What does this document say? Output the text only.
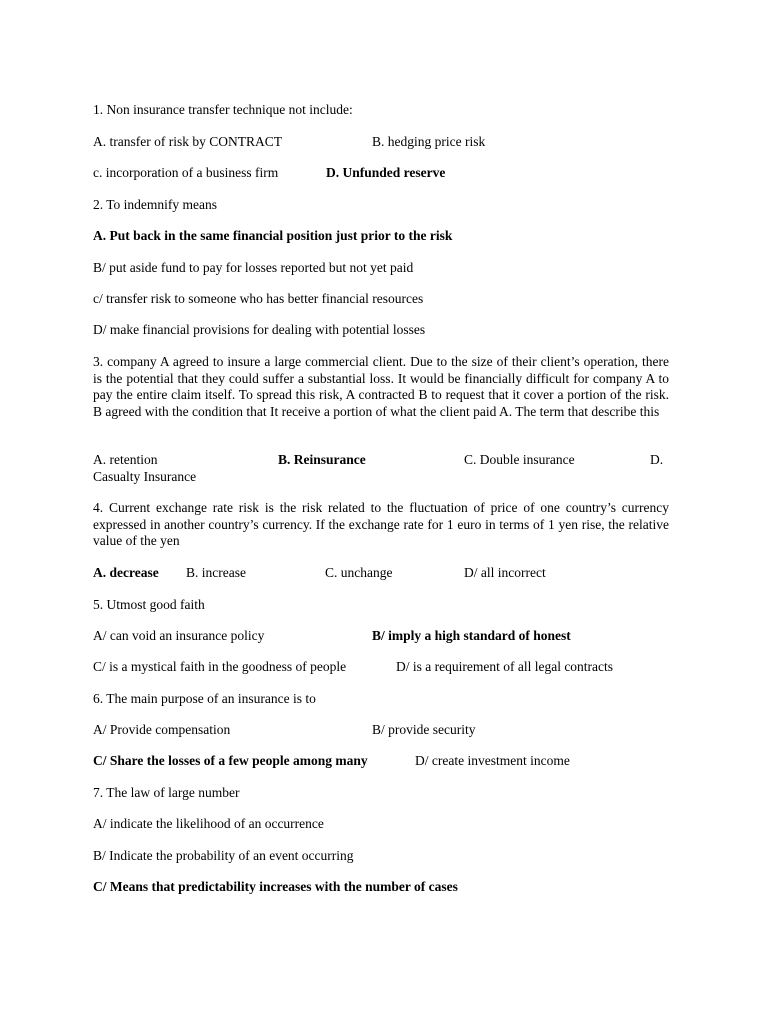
1. Non insurance transfer technique not include:
A. transfer of risk by CONTRACT	B. hedging price risk
c. incorporation of a business firm	D. Unfunded reserve
2. To indemnify means
A. Put back in the same financial position just prior to the risk
B/ put aside fund to pay for losses reported but not yet paid
c/ transfer risk to someone who has better financial resources
D/ make financial provisions for dealing with potential losses
3. company A agreed to insure a large commercial client. Due to the size of their client’s operation, there is the potential that they could suffer a substantial loss. It would be financially difficult for company A to pay the entire claim itself. To spread this risk, A contracted B to request that it cover a portion of the risk. B agreed with the condition that It receive a portion of what the client paid A. The term that describe this
A. retention	B. Reinsurance	C. Double insurance	D.
Casualty Insurance
4. Current exchange rate risk is the risk related to the fluctuation of price of one country’s currency expressed in another country’s currency. If the exchange rate for 1 euro in terms of 1 yen rise, the relative value of the yen
A. decrease B. increase	C. unchange	D/ all incorrect
5. Utmost good faith
A/ can void an insurance policy	B/ imply a high standard of honest
C/ is a mystical faith in the goodness of people	D/ is a requirement of all legal contracts
6. The main purpose of an insurance is to
A/ Provide compensation	B/ provide security
C/ Share the losses of a few people among many	D/ create investment income
7. The law of large number
A/ indicate the likelihood of an occurrence
B/ Indicate the probability of an event occurring
C/ Means that predictability increases with the number of cases
